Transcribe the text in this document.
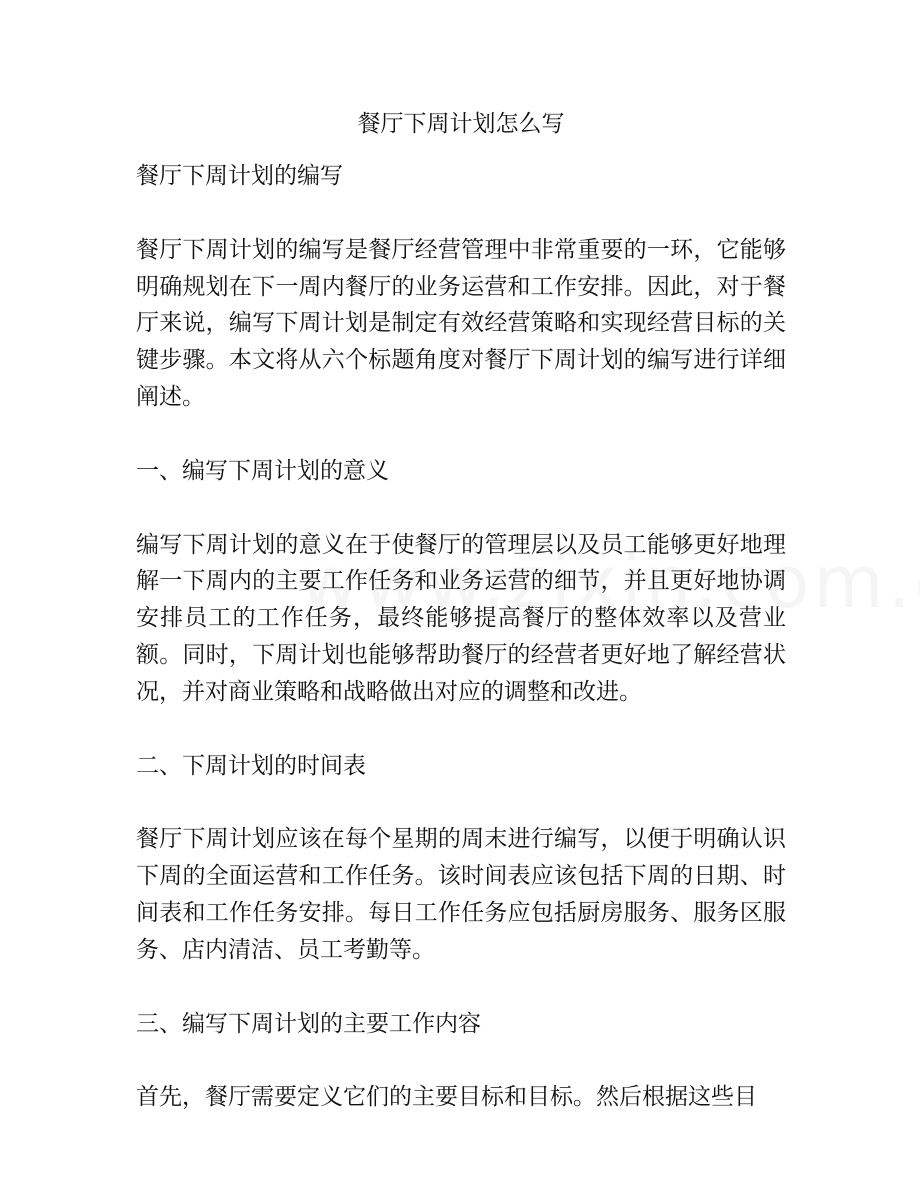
餐厅下周计划怎么写

餐厅下周计划的编写

餐厅下周计划的编写是餐厅经营管理中非常重要的一环，它能够明确规划在下一周内餐厅的业务运营和工作安排。因此，对于餐厅来说，编写下周计划是制定有效经营策略和实现经营目标的关键步骤。本文将从六个标题角度对餐厅下周计划的编写进行详细阐述。

一、编写下周计划的意义

编写下周计划的意义在于使餐厅的管理层以及员工能够更好地理解一下周内的主要工作任务和业务运营的细节，并且更好地协调安排员工的工作任务，最终能够提高餐厅的整体效率以及营业额。同时，下周计划也能够帮助餐厅的经营者更好地了解经营状况，并对商业策略和战略做出对应的调整和改进。

二、下周计划的时间表

餐厅下周计划应该在每个星期的周末进行编写，以便于明确认识下周的全面运营和工作任务。该时间表应该包括下周的日期、时间表和工作任务安排。每日工作任务应包括厨房服务、服务区服务、店内清洁、员工考勤等。

三、编写下周计划的主要工作内容

首先，餐厅需要定义它们的主要目标和目标。然后根据这些目
